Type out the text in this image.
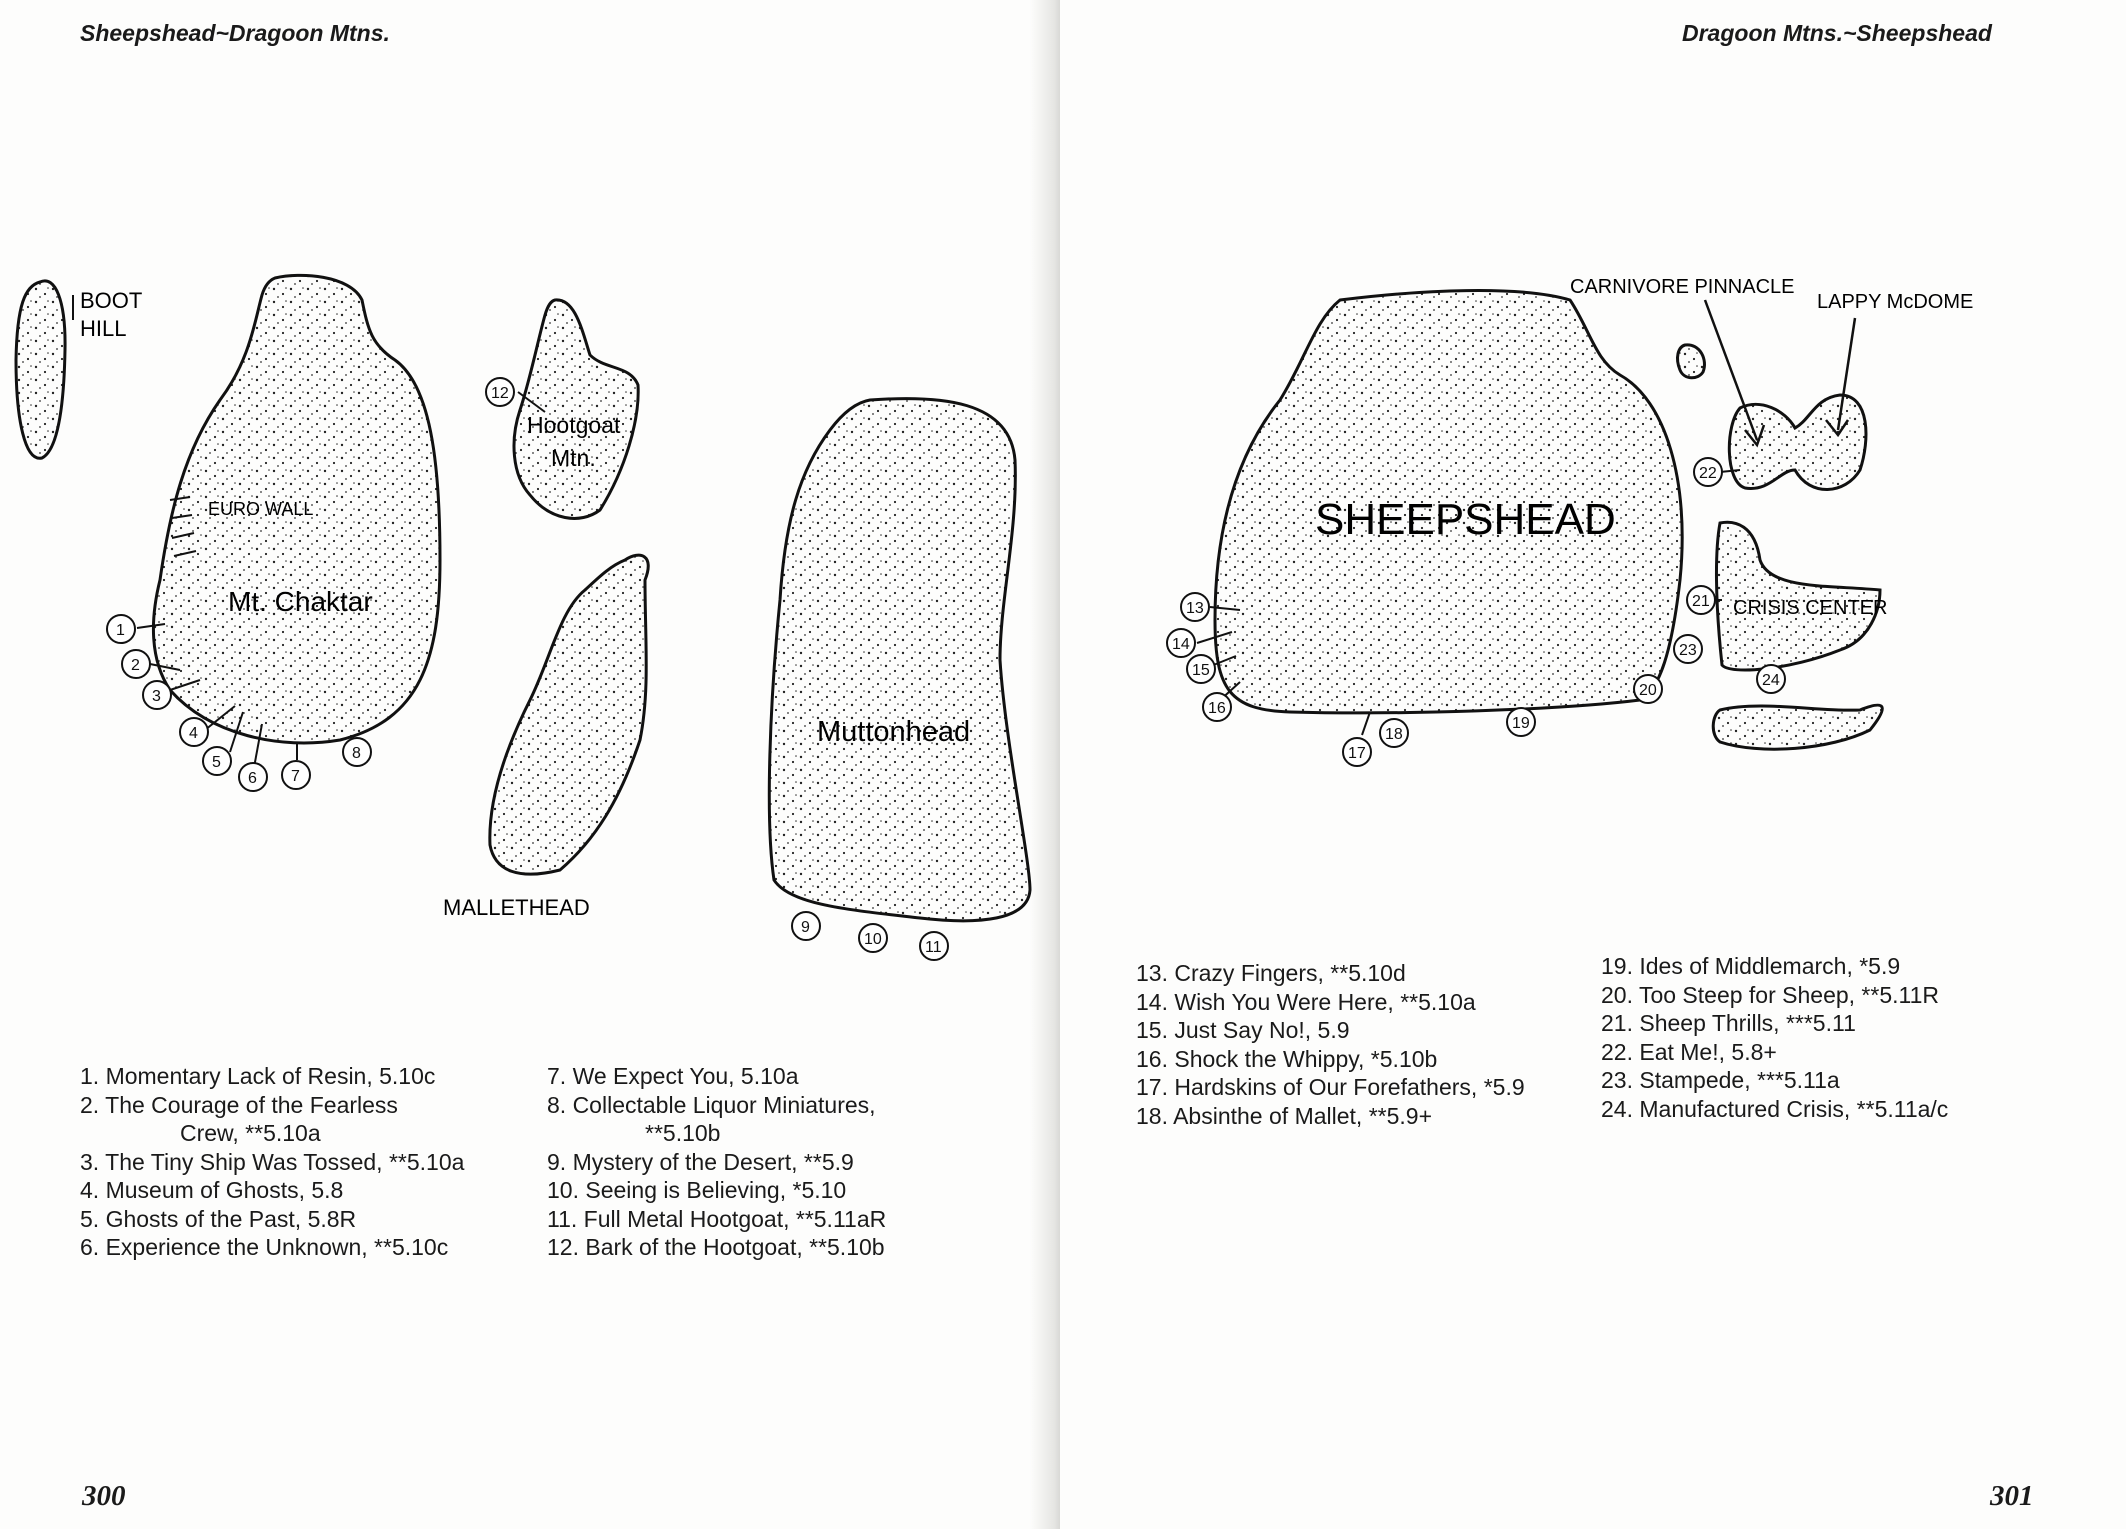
Sheepshead~Dragoon Mtns.
1. Momentary Lack of Resin, 5.10c
2. The Courage of the Fearless
Crew, **5.10a
3. The Tiny Ship Was Tossed, **5.10a
4. Museum of Ghosts, 5.8
5. Ghosts of the Past, 5.8R
6. Experience the Unknown, **5.10c
7. We Expect You, 5.10a
8. Collectable Liquor Miniatures,
**5.10b
9. Mystery of the Desert, **5.9
10. Seeing is Believing, *5.10
11. Full Metal Hootgoat, **5.11aR
12. Bark of the Hootgoat, **5.10b
300
Dragoon Mtns.~Sheepshead
13. Crazy Fingers, **5.10d
14. Wish You Were Here, **5.10a
15. Just Say No!, 5.9
16. Shock the Whippy, *5.10b
17. Hardskins of Our Forefathers, *5.9
18. Absinthe of Mallet, **5.9+
19. Ides of Middlemarch, *5.9
20. Too Steep for Sheep, **5.11R
21. Sheep Thrills, ***5.11
22. Eat Me!, 5.8+
23. Stampede, ***5.11a
24. Manufactured Crisis, **5.11a/c
301
BOOT
HILL
EURO WALL
Mt. Chaktar
Hootgoat
Mtn.
MALLETHEAD
Muttonhead
SHEEPSHEAD
CRISIS CENTER
CARNIVORE PINNACLE
LAPPY McDOME
1
2
3
4
5
6 7
8
9
10	11
12
13
14
15
16
17
18
19
20
21
22
23
24
